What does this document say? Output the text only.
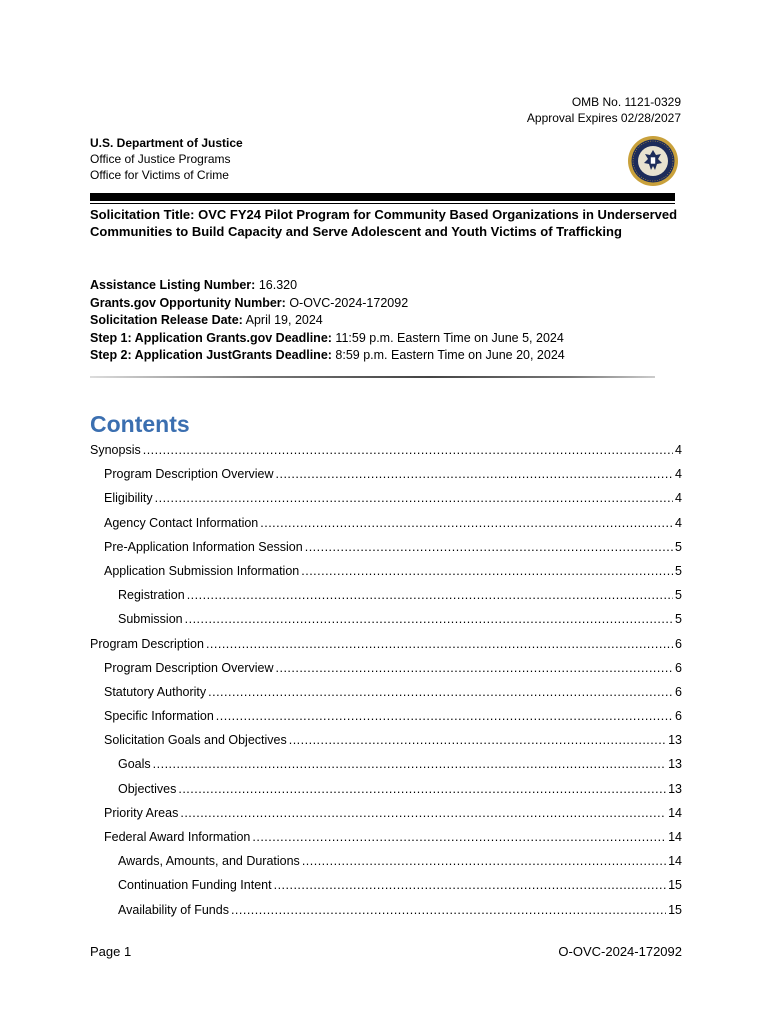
OMB No. 1121-0329
Approval Expires 02/28/2027
U.S. Department of Justice
Office of Justice Programs
Office for Victims of Crime
Solicitation Title: OVC FY24 Pilot Program for Community Based Organizations in Underserved Communities to Build Capacity and Serve Adolescent and Youth Victims of Trafficking
Assistance Listing Number: 16.320
Grants.gov Opportunity Number: O-OVC-2024-172092
Solicitation Release Date: April 19, 2024
Step 1: Application Grants.gov Deadline: 11:59 p.m. Eastern Time on June 5, 2024
Step 2: Application JustGrants Deadline: 8:59 p.m. Eastern Time on June 20, 2024
Contents
Synopsis .....	4
Program Description Overview .....	4
Eligibility .....	4
Agency Contact Information .....	4
Pre-Application Information Session .....	5
Application Submission Information .....	5
Registration .....	5
Submission .....	5
Program Description .....	6
Program Description Overview .....	6
Statutory Authority .....	6
Specific Information .....	6
Solicitation Goals and Objectives .....	13
Goals .....	13
Objectives .....	13
Priority Areas .....	14
Federal Award Information .....	14
Awards, Amounts, and Durations .....	14
Continuation Funding Intent .....	15
Availability of Funds .....	15
Page 1	O-OVC-2024-172092
